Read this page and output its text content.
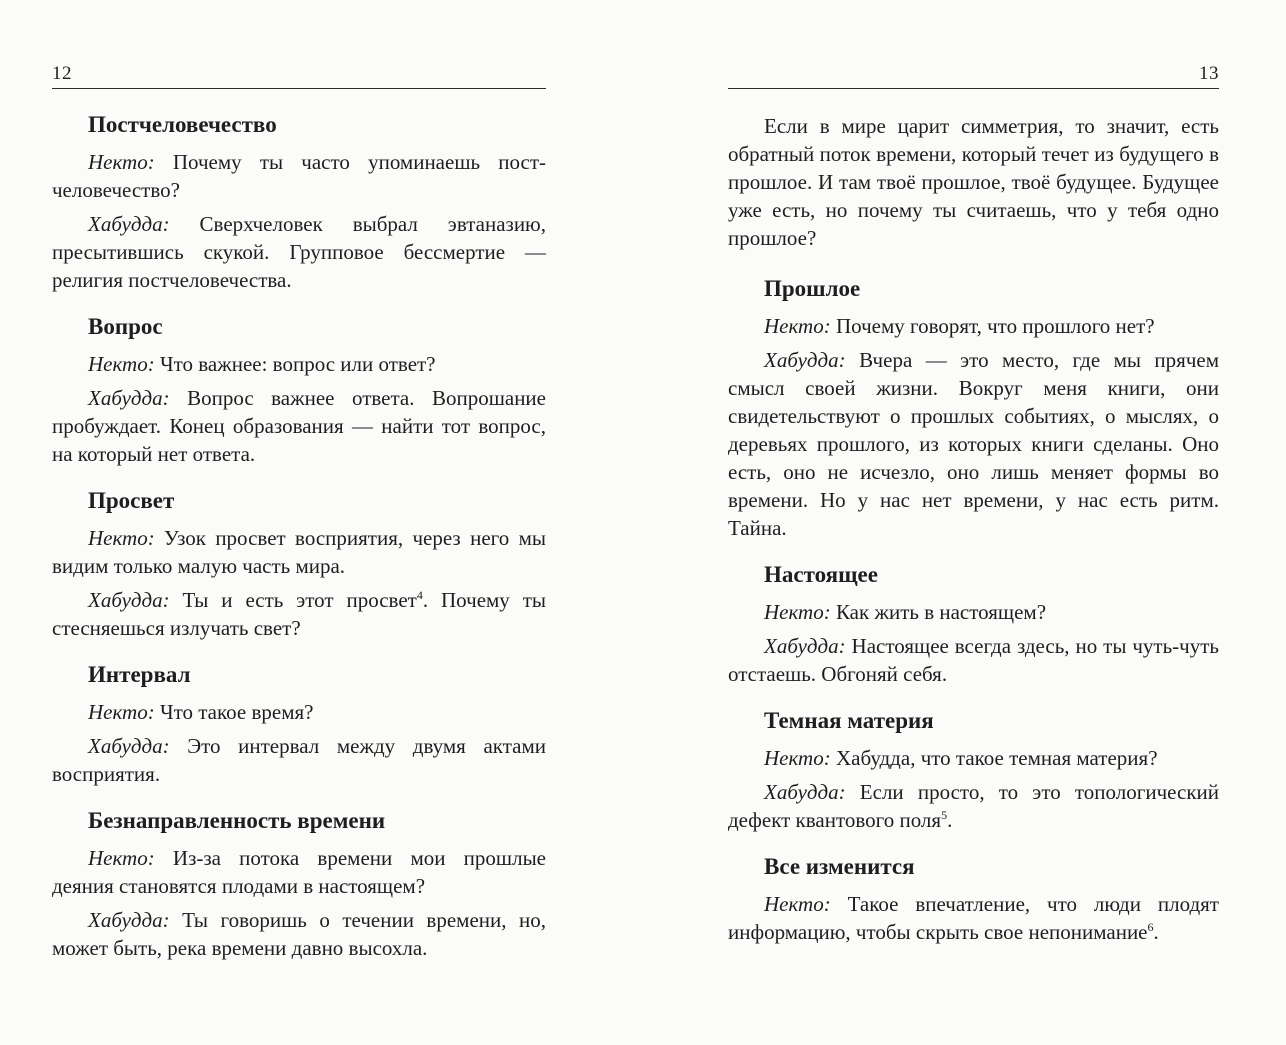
12
Постчеловечество

Некто: Почему ты часто упоминаешь постчеловечество?

Хабудда: Сверхчеловек выбрал эвтаназию, пресытившись скукой. Групповое бессмертие — религия постчеловечества.

Вопрос

Некто: Что важнее: вопрос или ответ?

Хабудда: Вопрос важнее ответа. Вопрошание пробуждает. Конец образования — найти тот вопрос, на который нет ответа.

Просвет

Некто: Узок просвет восприятия, через него мы видим только малую часть мира.

Хабудда: Ты и есть этот просвет$^4$. Почему ты стесняешься излучать свет?

Интервал

Некто: Что такое время?

Хабудда: Это интервал между двумя актами восприятия.

Безнаправленность времени

Некто: Из-за потока времени мои прошлые деяния становятся плодами в настоящем?

Хабудда: Ты говоришь о течении времени, но, может быть, река времени давно высохла.

13

Если в мире царит симметрия, то значит, есть обратный поток времени, который течет из будущего в прошлое. И там твоё прошлое, твоё будущее. Будущее уже есть, но почему ты считаешь, что у тебя одно прошлое?

Прошлое

Некто: Почему говорят, что прошлого нет?

Хабудда: Вчера — это место, где мы прячем смысл своей жизни. Вокруг меня книги, они свидетельствуют о прошлых событиях, о мыслях, о деревьях прошлого, из которых книги сделаны. Оно есть, оно не исчезло, оно лишь меняет формы во времени. Но у нас нет времени, у нас есть ритм. Тайна.

Настоящее

Некто: Как жить в настоящем?

Хабудда: Настоящее всегда здесь, но ты чуть-чуть отстаешь. Обгоняй себя.

Темная материя

Некто: Хабудда, что такое темная материя?

Хабудда: Если просто, то это топологический дефект квантового поля$^5$.

Все изменится

Некто: Такое впечатление, что люди плодят информацию, чтобы скрыть свое непонимание$^6$.
